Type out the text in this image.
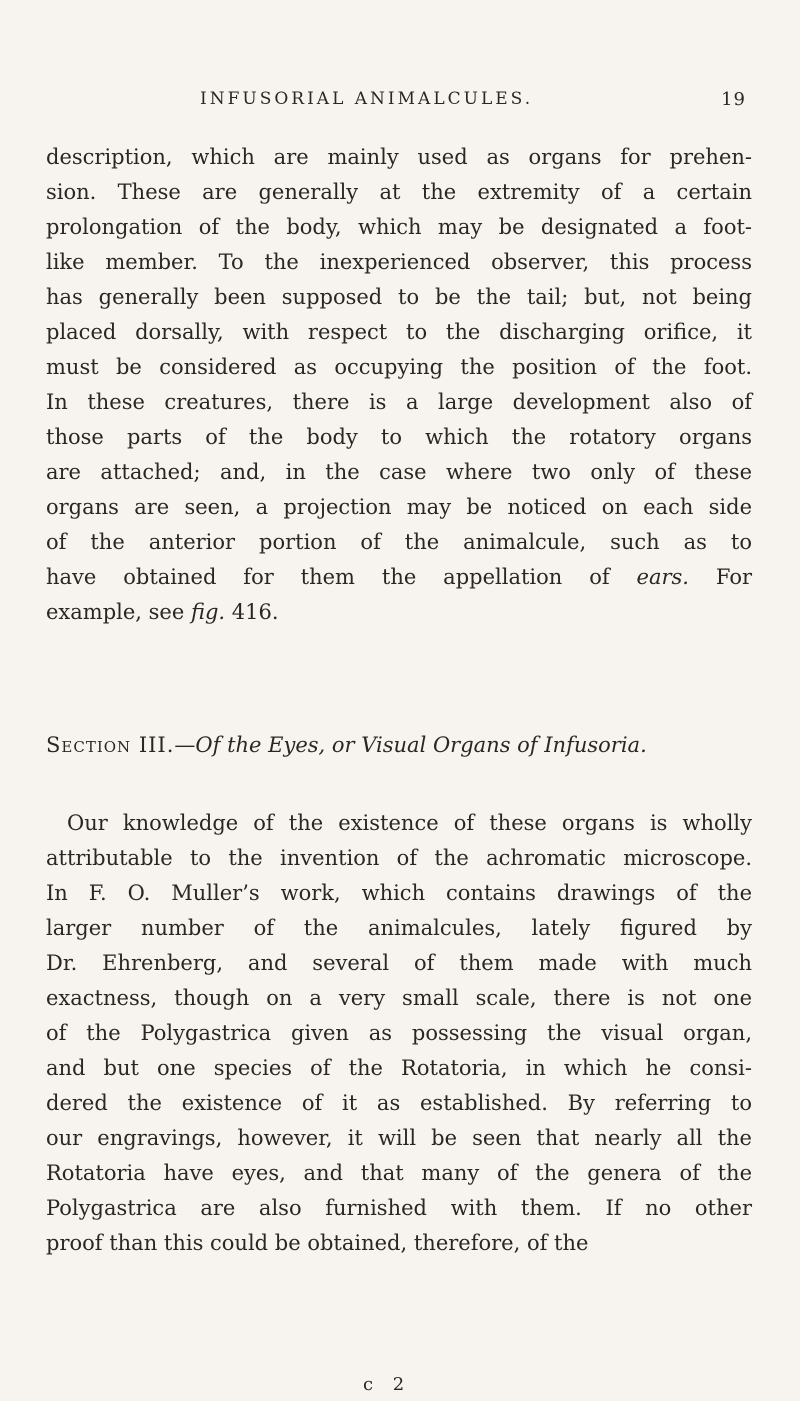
INFUSORIAL ANIMALCULES.	19
description, which are mainly used as organs for prehen-
sion. These are generally at the extremity of a certain
prolongation of the body, which may be designated a foot-
like member. To the inexperienced observer, this process
has generally been supposed to be the tail; but, not being
placed dorsally, with respect to the discharging orifice, it
must be considered as occupying the position of the foot.
In these creatures, there is a large development also of
those parts of the body to which the rotatory organs
are attached; and, in the case where two only of these
organs are seen, a projection may be noticed on each side
of the anterior portion of the animalcule, such as to
have obtained for them the appellation of ears. For
example, see fig. 416.
Section III.—Of the Eyes, or Visual Organs of Infusoria.
Our knowledge of the existence of these organs is wholly
attributable to the invention of the achromatic microscope.
In F. O. Muller’s work, which contains drawings of the
larger number of the animalcules, lately figured by
Dr. Ehrenberg, and several of them made with much
exactness, though on a very small scale, there is not one
of the Polygastrica given as possessing the visual organ,
and but one species of the Rotatoria, in which he consi-
dered the existence of it as established. By referring to
our engravings, however, it will be seen that nearly all the
Rotatoria have eyes, and that many of the genera of the
Polygastrica are also furnished with them. If no other
proof than this could be obtained, therefore, of the
c 2
